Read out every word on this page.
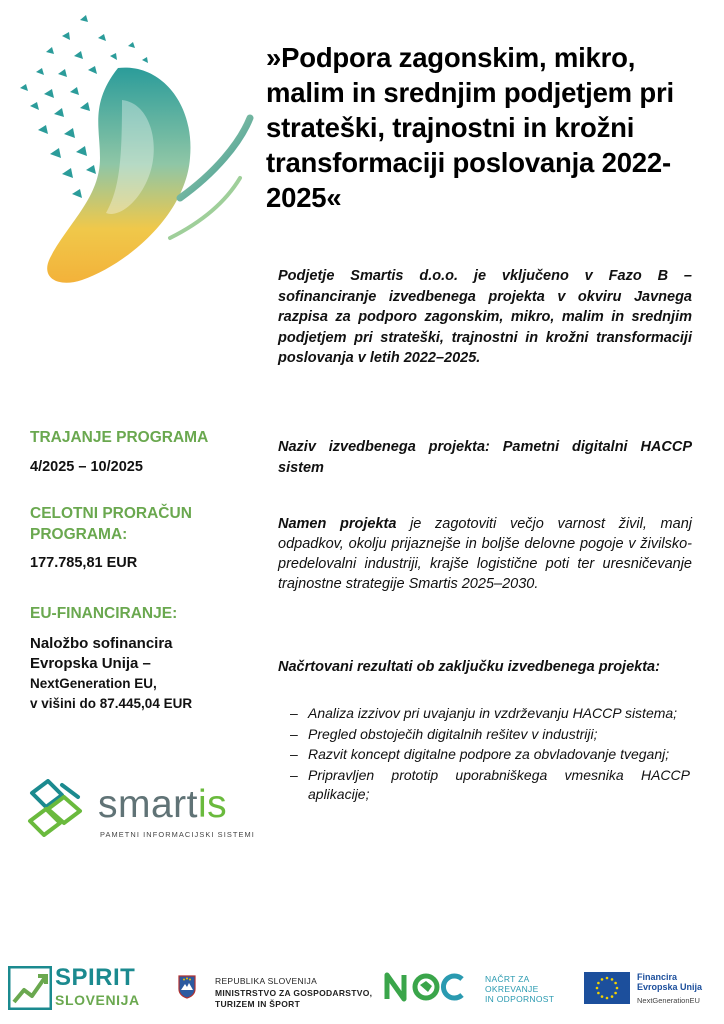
»Podpora zagonskim, mikro, malim in srednjim podjetjem pri strateški, trajnostni in krožni transformaciji poslovanja 2022-2025«

Podjetje Smartis d.o.o. je vključeno v Fazo B – sofinanciranje izvedbenega projekta v okviru Javnega razpisa za podporo zagonskim, mikro, malim in srednjim podjetjem pri strateški, trajnostni in krožni transformaciji poslovanja v letih 2022–2025.

Naziv izvedbenega projekta: Pametni digitalni HACCP sistem

Namen projekta je zagotoviti večjo varnost živil, manj odpadkov, okolju prijaznejše in boljše delovne pogoje v živilsko-predelovalni industriji, krajše logistične poti ter uresničevanje trajnostne strategije Smartis 2025–2030.

Načrtovani rezultati ob zaključku izvedbenega projekta:

– Analiza izzivov pri uvajanju in vzdrževanju HACCP sistema;
– Pregled obstoječih digitalnih rešitev v industriji;
– Razvit koncept digitalne podpore za obvladovanje tveganj;
– Pripravljen prototip uporabniškega vmesnika HACCP aplikacije;
TRAJANJE PROGRAMA
4/2025 – 10/2025
CELOTNI PRORAČUN PROGRAMA:
177.785,81 EUR
EU-FINANCIRANJE:
Naložbo sofinancira
Evropska Unija –
NextGeneration EU,
v višini do 87.445,04 EUR
smartis
PAMETNI INFORMACIJSKI SISTEMI
SPIRIT
SLOVENIJA
REPUBLIKA SLOVENIJA
MINISTRSTVO ZA GOSPODARSTVO,
TURIZEM IN ŠPORT
NAČRT ZA
OKREVANJE
IN ODPORNOST
Financira
Evropska Unija
NextGenerationEU
